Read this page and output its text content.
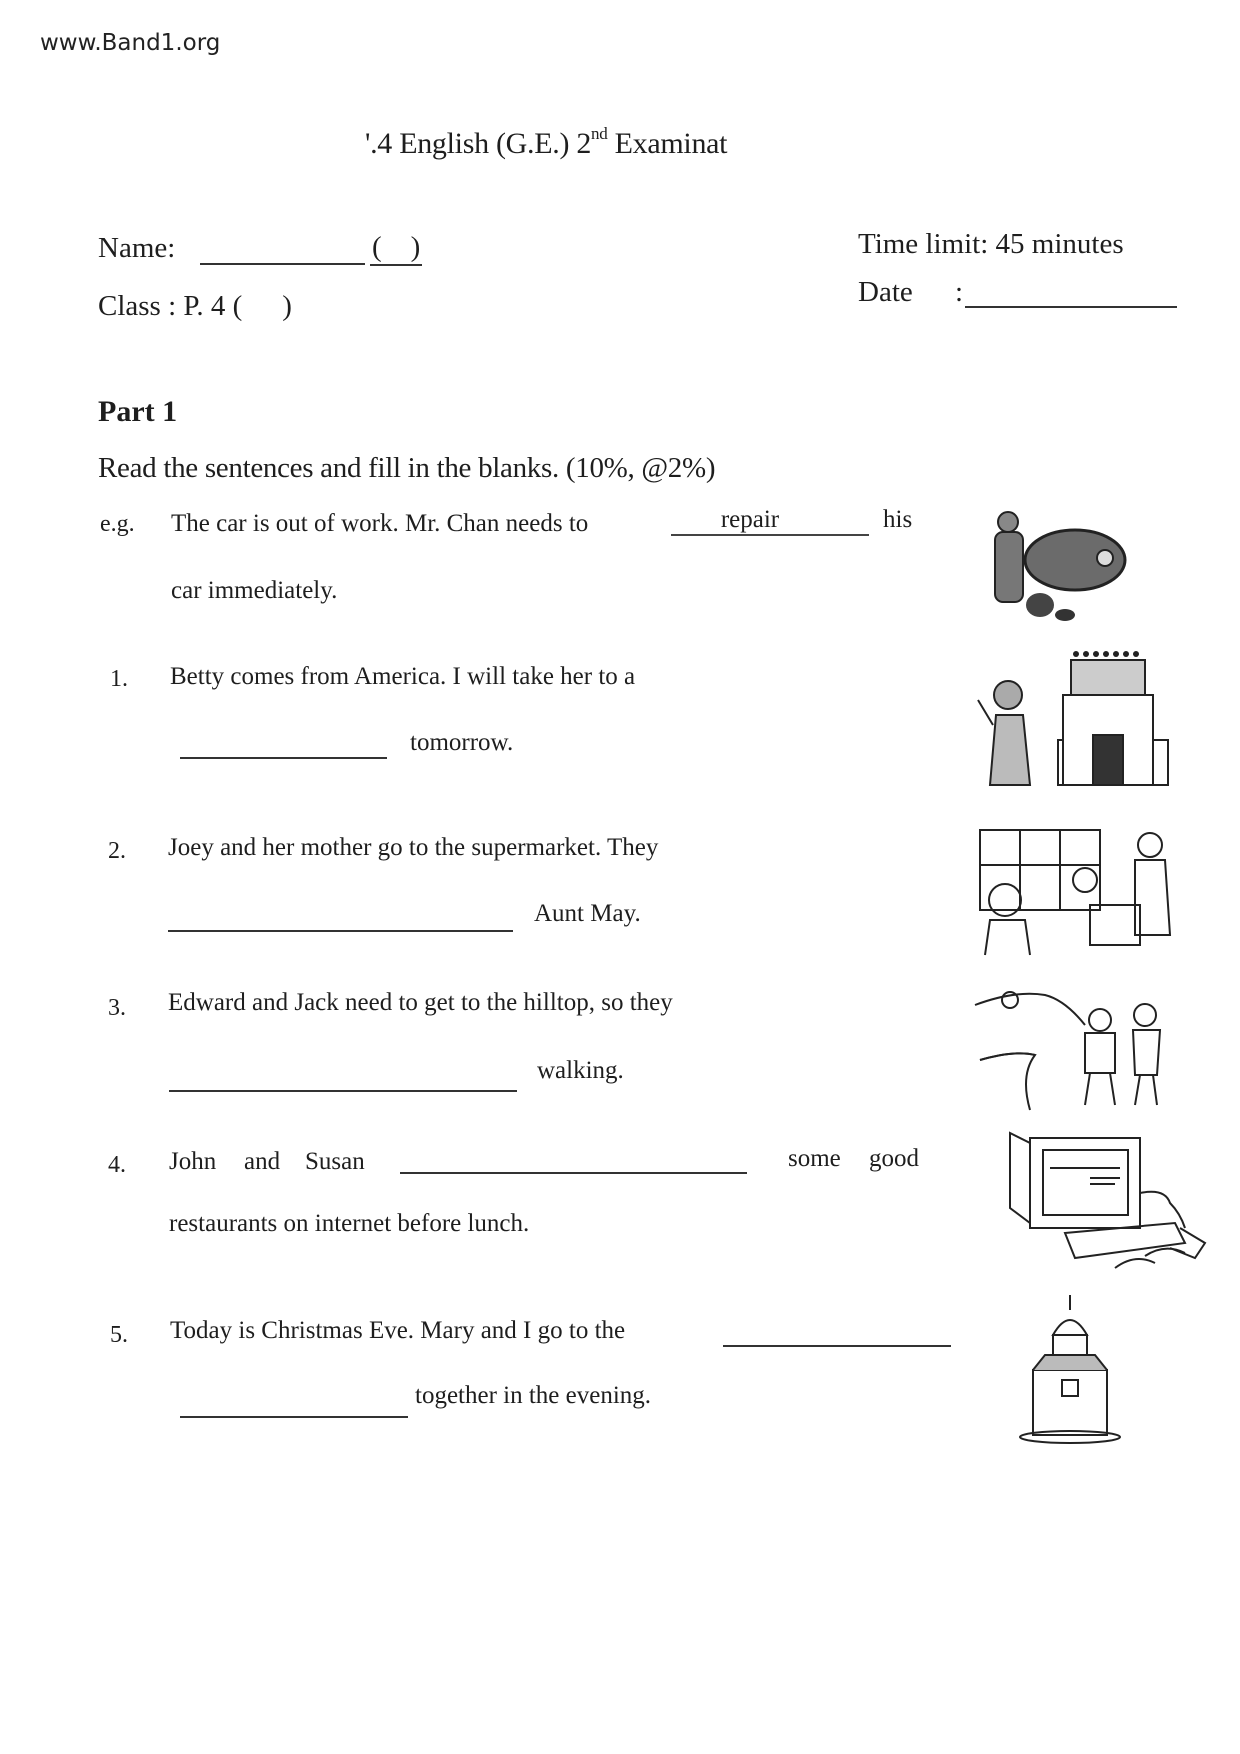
www.Band1.org
'.4 English (G.E.) 2nd Examinat
Name:	(    )
Class : P. 4 ( )
Time limit: 45 minutes
Date :
Part 1
Read the sentences and fill in the blanks. (10%, @2%)
e.g. The car is out of work. Mr. Chan needs to	repair	his
car immediately.
1. Betty comes from America. I will take her to a
tomorrow.
2. Joey and her mother go to the supermarket. They
Aunt May.
3. Edward and Jack need to get to the hilltop, so they
walking.
4. John and Susan	some good
restaurants on internet before lunch.
5. Today is Christmas Eve. Mary and I go to the
together in the evening.
